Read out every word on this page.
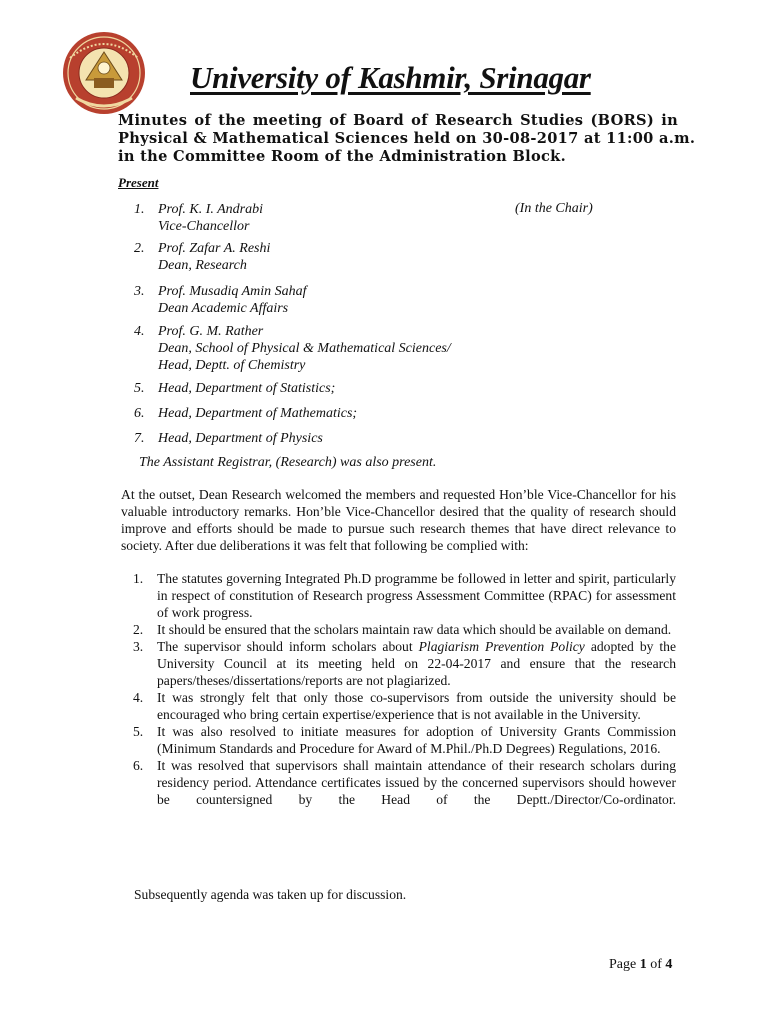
University of Kashmir, Srinagar
Minutes of the meeting of Board of Research Studies (BORS) in
Physical & Mathematical Sciences held on 30-08-2017 at 11:00 a.m.
in the Committee Room of the Administration Block.
Present
1. Prof. K. I. Andrabi
Vice-Chancellor
(In the Chair)
2. Prof. Zafar A. Reshi
Dean, Research
3. Prof. Musadiq Amin Sahaf
Dean Academic Affairs
4. Prof. G. M. Rather
Dean, School of Physical & Mathematical Sciences/
Head, Deptt. of Chemistry
5. Head, Department of Statistics;
6. Head, Department of Mathematics;
7. Head, Department of Physics
The Assistant Registrar, (Research) was also present.
At the outset, Dean Research welcomed the members and requested Hon’ble Vice-Chancellor for his valuable introductory remarks. Hon’ble Vice-Chancellor desired that the quality of research should improve and efforts should be made to pursue such research themes that have direct relevance to society. After due deliberations it was felt that following be complied with:
1. The statutes governing Integrated Ph.D programme be followed in letter and spirit, particularly in respect of constitution of Research progress Assessment Committee (RPAC) for assessment of work progress.
2. It should be ensured that the scholars maintain raw data which should be available on demand.
3. The supervisor should inform scholars about Plagiarism Prevention Policy adopted by the University Council at its meeting held on 22-04-2017 and ensure that the research papers/theses/dissertations/reports are not plagiarized.
4. It was strongly felt that only those co-supervisors from outside the university should be encouraged who bring certain expertise/experience that is not available in the University.
5. It was also resolved to initiate measures for adoption of University Grants Commission (Minimum Standards and Procedure for Award of M.Phil./Ph.D Degrees) Regulations, 2016.
6. It was resolved that supervisors shall maintain attendance of their research scholars during residency period. Attendance certificates issued by the concerned supervisors should however be countersigned by the Head of the Deptt./Director/Co-ordinator.
Subsequently agenda was taken up for discussion.
Page 1 of 4
